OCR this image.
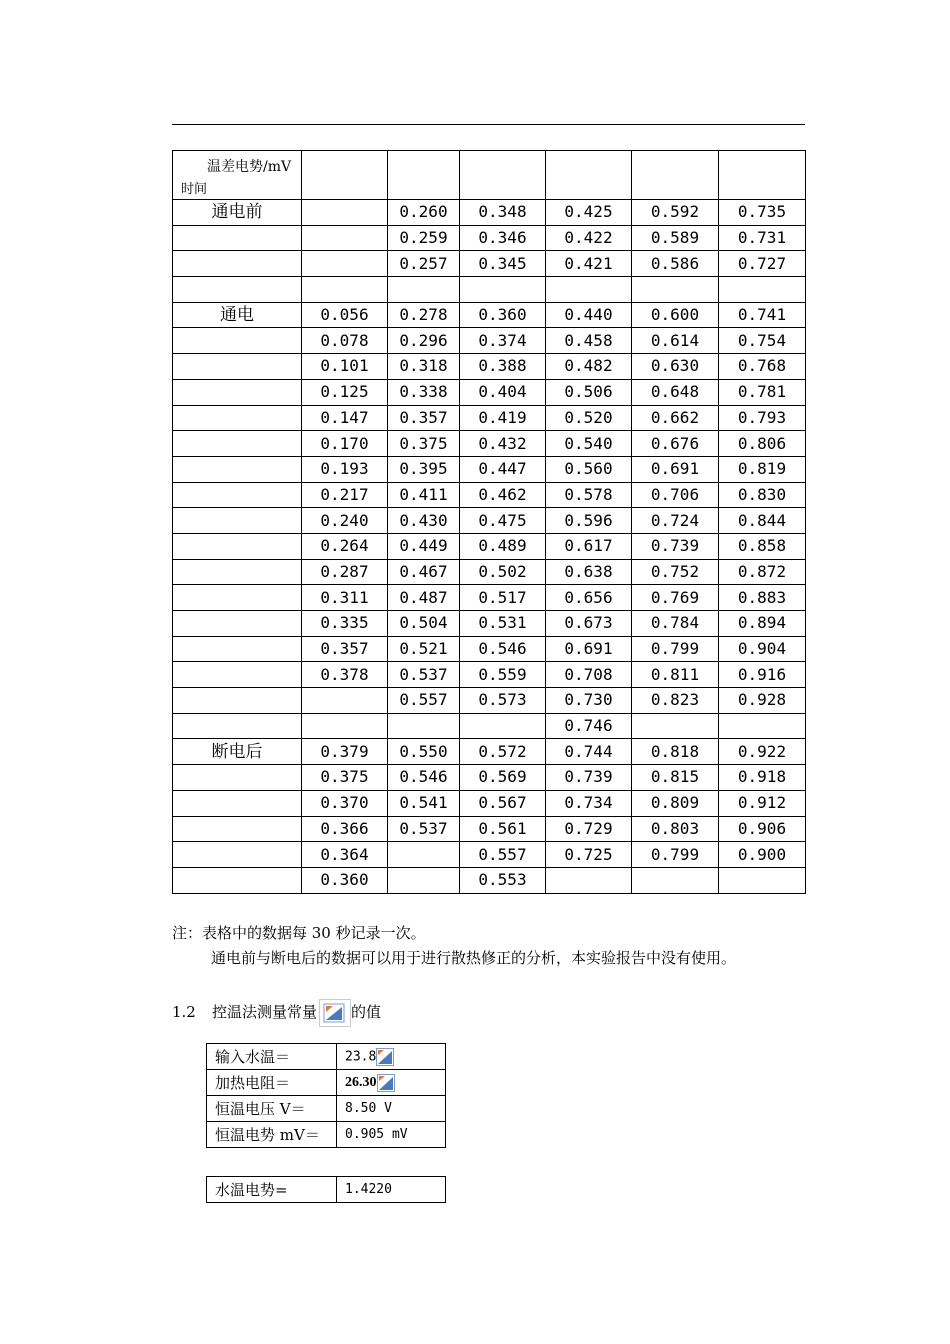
温差电势/mV
时间						

通电前		0.260	0.348	0.425	0.592	0.735
		0.259	0.346	0.422	0.589	0.731
		0.257	0.345	0.421	0.586	0.727

通电	0.056	0.278	0.360	0.440	0.600	0.741
	0.078	0.296	0.374	0.458	0.614	0.754
	0.101	0.318	0.388	0.482	0.630	0.768
	0.125	0.338	0.404	0.506	0.648	0.781
	0.147	0.357	0.419	0.520	0.662	0.793
	0.170	0.375	0.432	0.540	0.676	0.806
	0.193	0.395	0.447	0.560	0.691	0.819
	0.217	0.411	0.462	0.578	0.706	0.830
	0.240	0.430	0.475	0.596	0.724	0.844
	0.264	0.449	0.489	0.617	0.739	0.858
	0.287	0.467	0.502	0.638	0.752	0.872
	0.311	0.487	0.517	0.656	0.769	0.883
	0.335	0.504	0.531	0.673	0.784	0.894
	0.357	0.521	0.546	0.691	0.799	0.904
	0.378	0.537	0.559	0.708	0.811	0.916
		0.557	0.573	0.730	0.823	0.928
				0.746		
断电后	0.379	0.550	0.572	0.744	0.818	0.922
	0.375	0.546	0.569	0.739	0.815	0.918
	0.370	0.541	0.567	0.734	0.809	0.912
	0.366	0.537	0.561	0.729	0.803	0.906
	0.364		0.557	0.725	0.799	0.900
	0.360		0.553			
注：表格中的数据每 30 秒记录一次。
通电前与断电后的数据可以用于进行散热修正的分析，本实验报告中没有使用。
1.2 控温法测量常量 的值
输入水温＝	23.8
加热电阻＝	26.30
恒温电压 V＝	8.50 V
恒温电势 mV＝	0.905 mV
水温电势=	1.4220
